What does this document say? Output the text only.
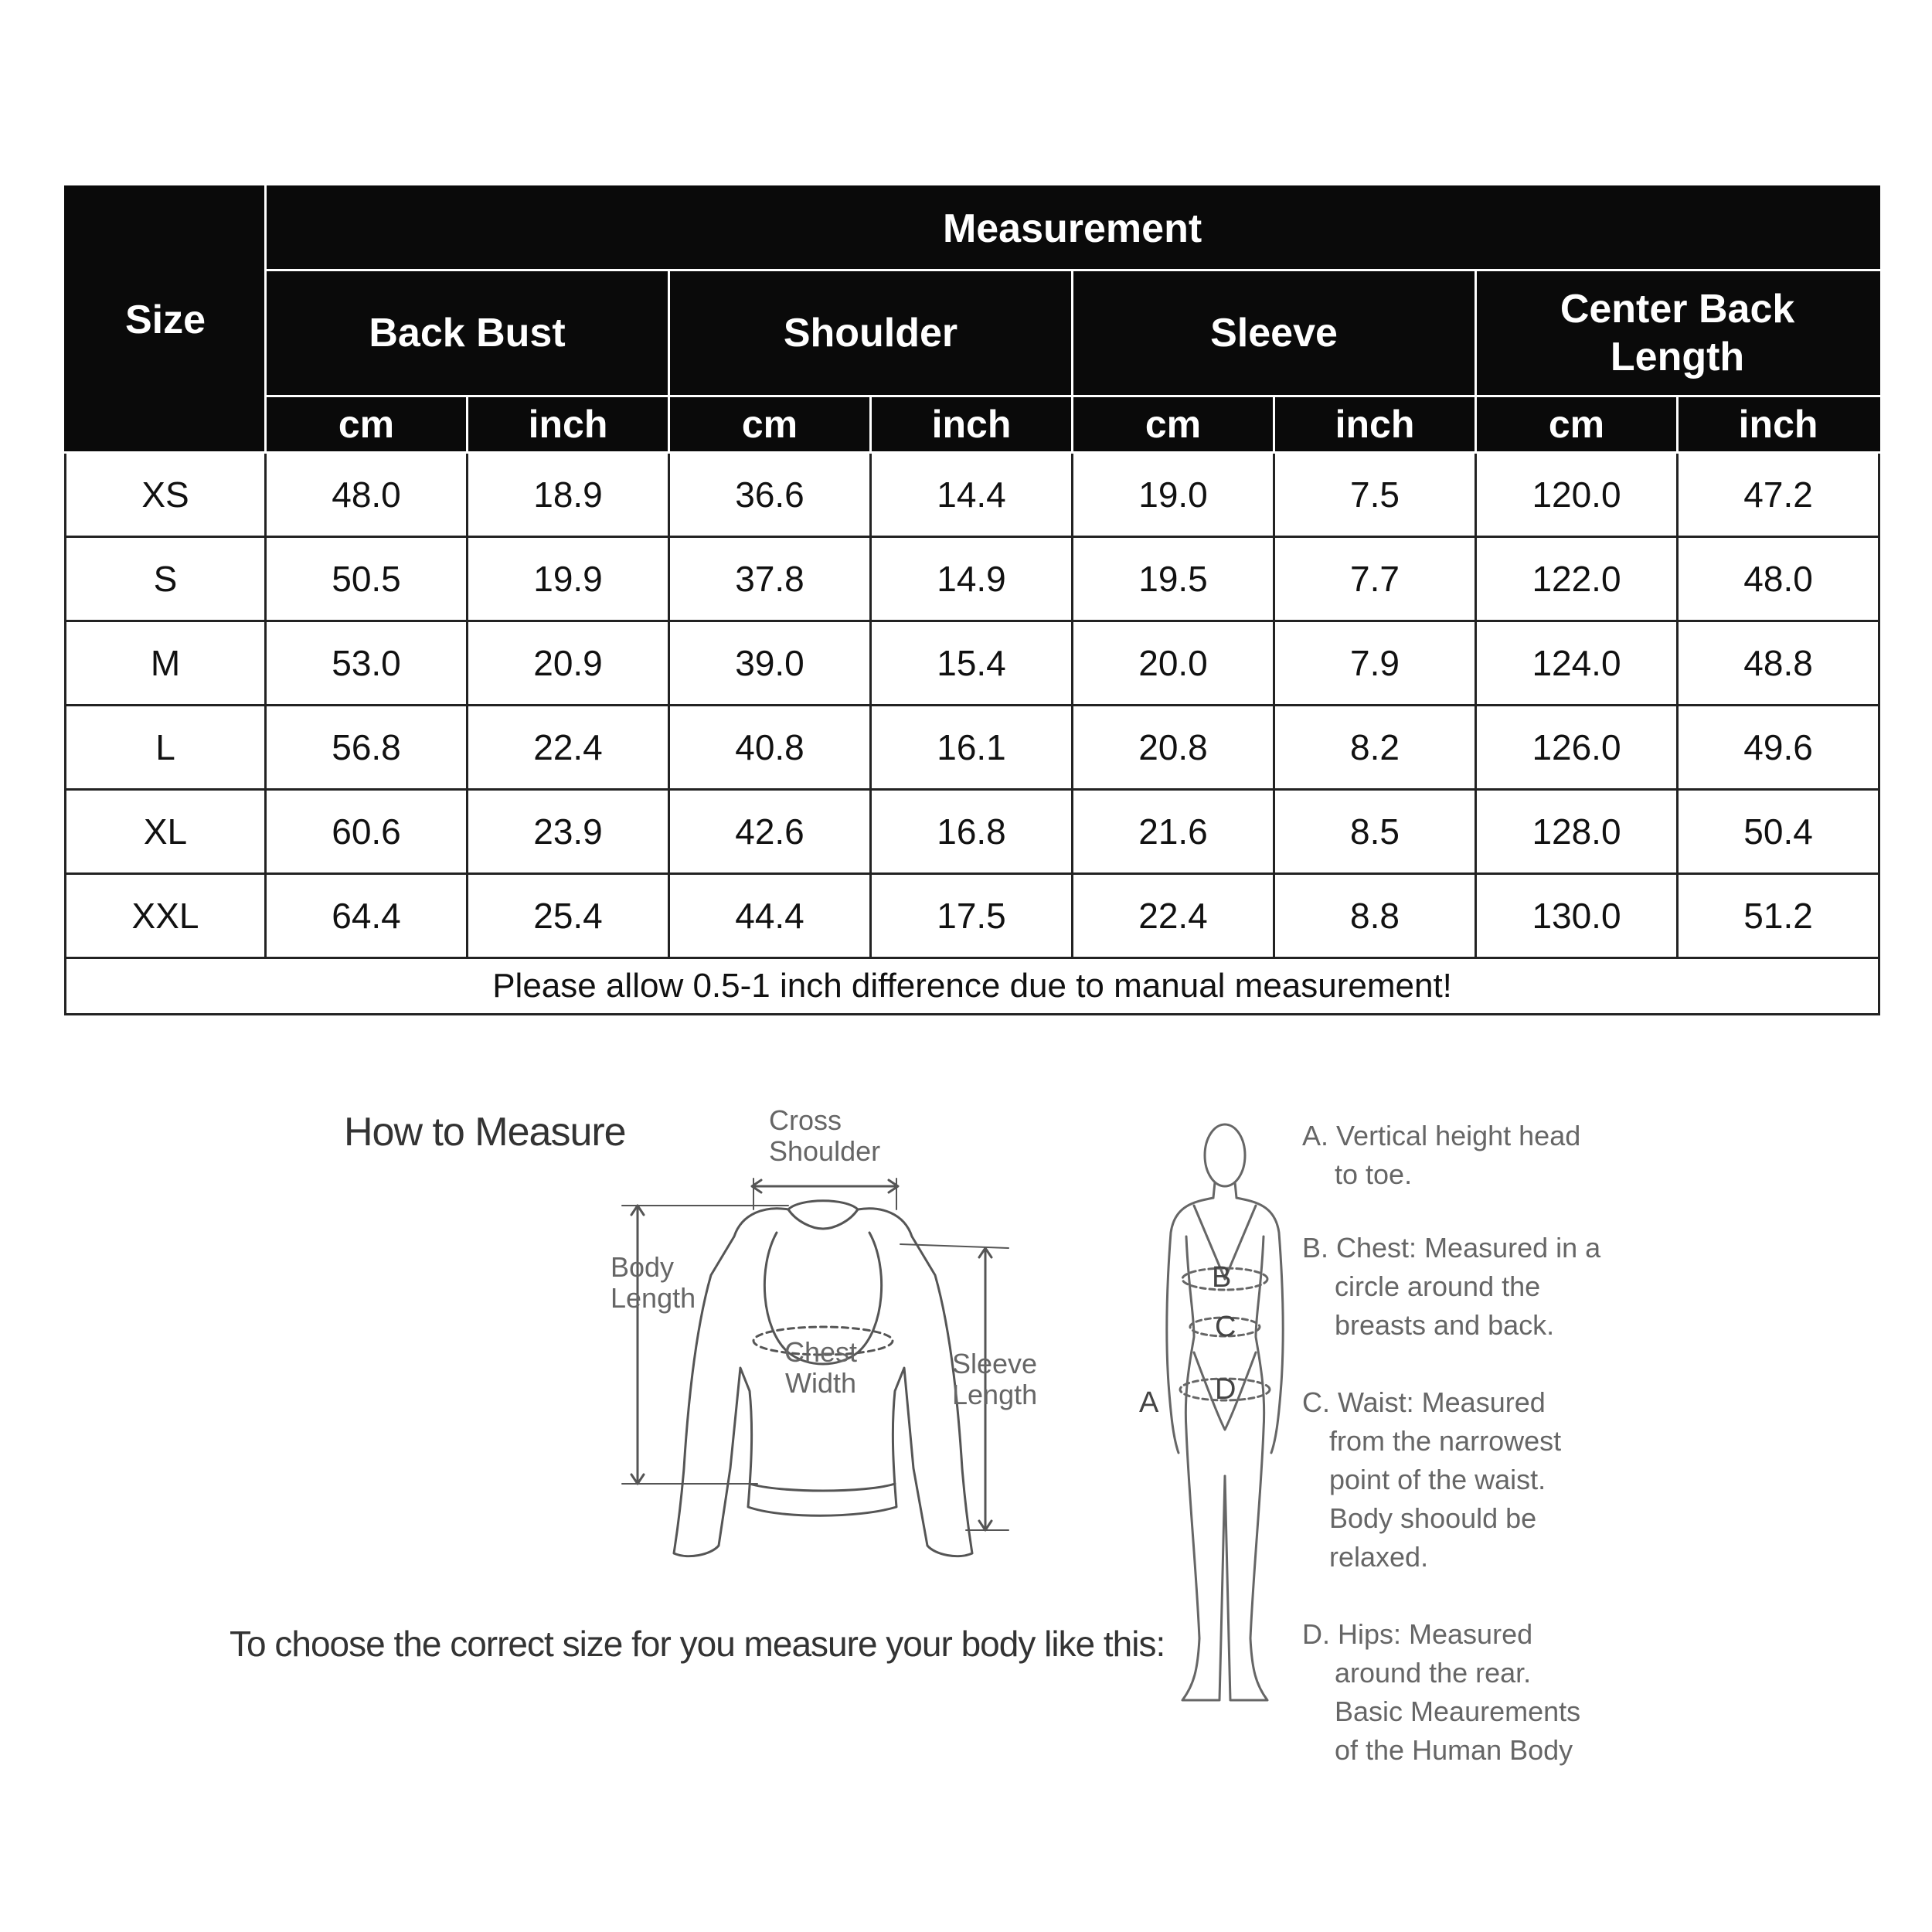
Size	Measurement							
	Back Bust		Shoulder		Sleeve		Center Back Length	
	cm	inch	cm	inch	cm	inch	cm	inch
XS	48.0	18.9	36.6	14.4	19.0	7.5	120.0	47.2
S	50.5	19.9	37.8	14.9	19.5	7.7	122.0	48.0
M	53.0	20.9	39.0	15.4	20.0	7.9	124.0	48.8
L	56.8	22.4	40.8	16.1	20.8	8.2	126.0	49.6
XL	60.6	23.9	42.6	16.8	21.6	8.5	128.0	50.4
XXL	64.4	25.4	44.4	17.5	22.4	8.8	130.0	51.2
Please allow 0.5-1 inch difference due to manual measurement!								
How to Measure
To choose the correct size for you measure your body like this:
Cross
Shoulder
Body
Length
Chest
Width
Sleeve
Length
B
C
D
A
A. Vertical height head
to toe.
B. Chest: Measured in a
circle around the
breasts and back.
C. Waist: Measured
from the narrowest
point of the waist.
Body shoould be
relaxed.
D. Hips: Measured
around the rear.
Basic Meaurements
of the Human Body
